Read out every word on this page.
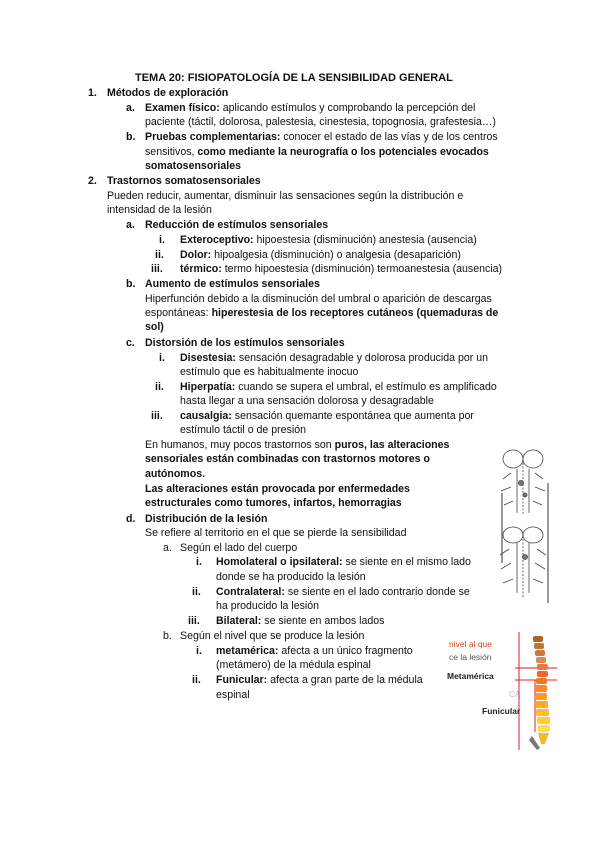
TEMA 20: FISIOPATOLOGÍA DE LA SENSIBILIDAD GENERAL
1. Métodos de exploración
a. Examen físico: aplicando estímulos y comprobando la percepción del
paciente (táctil, dolorosa, palestesia, cinestesia, topognosia, grafestesia…)
b. Pruebas complementarias: conocer el estado de las vías y de los centros
sensitivos, como mediante la neurografía o los potenciales evocados
somatosensoriales
2. Trastornos somatosensoriales
Pueden reducir, aumentar, disminuir las sensaciones según la distribución e
intensidad de la lesión
a. Reducción de estímulos sensoriales
i. Exteroceptivo: hipoestesia (disminución) anestesia (ausencia)
ii. Dolor: hipoalgesia (disminución) o analgesia (desaparición)
iii. térmico: termo hipoestesia (disminución) termoanestesia (ausencia)
b. Aumento de estímulos sensoriales
Hiperfunción debido a la disminución del umbral o aparición de descargas
espontáneas: hiperestesia de los receptores cutáneos (quemaduras de
sol)
c. Distorsión de los estímulos sensoriales
i. Disestesia: sensación desagradable y dolorosa producida por un
estímulo que es habitualmente inocuo
ii. Hiperpatía: cuando se supera el umbral, el estímulo es amplificado
hasta llegar a una sensación dolorosa y desagradable
iii. causalgia: sensación quemante espontánea que aumenta por
estímulo táctil o de presión
En humanos, muy pocos trastornos son puros, las alteraciones
sensoriales están combinadas con trastornos motores o
autónomos.
Las alteraciones están provocada por enfermedades
estructurales como tumores, infartos, hemorragias
d. Distribución de la lesión
Se refiere al territorio en el que se pierde la sensibilidad
a. Según el lado del cuerpo
i. Homolateral o ipsilateral: se siente en el mismo lado
donde se ha producido la lesión
ii. Contralateral: se siente en el lado contrario donde se
ha producido la lesión
iii. Bilateral: se siente en ambos lados
b. Según el nivel que se produce la lesión
i. metamérica: afecta a un único fragmento
(metámero) de la médula espinal
ii. Funicular: afecta a gran parte de la médula
espinal
nivel al que
ce la lesión
Metamérica
Funicular
CA
